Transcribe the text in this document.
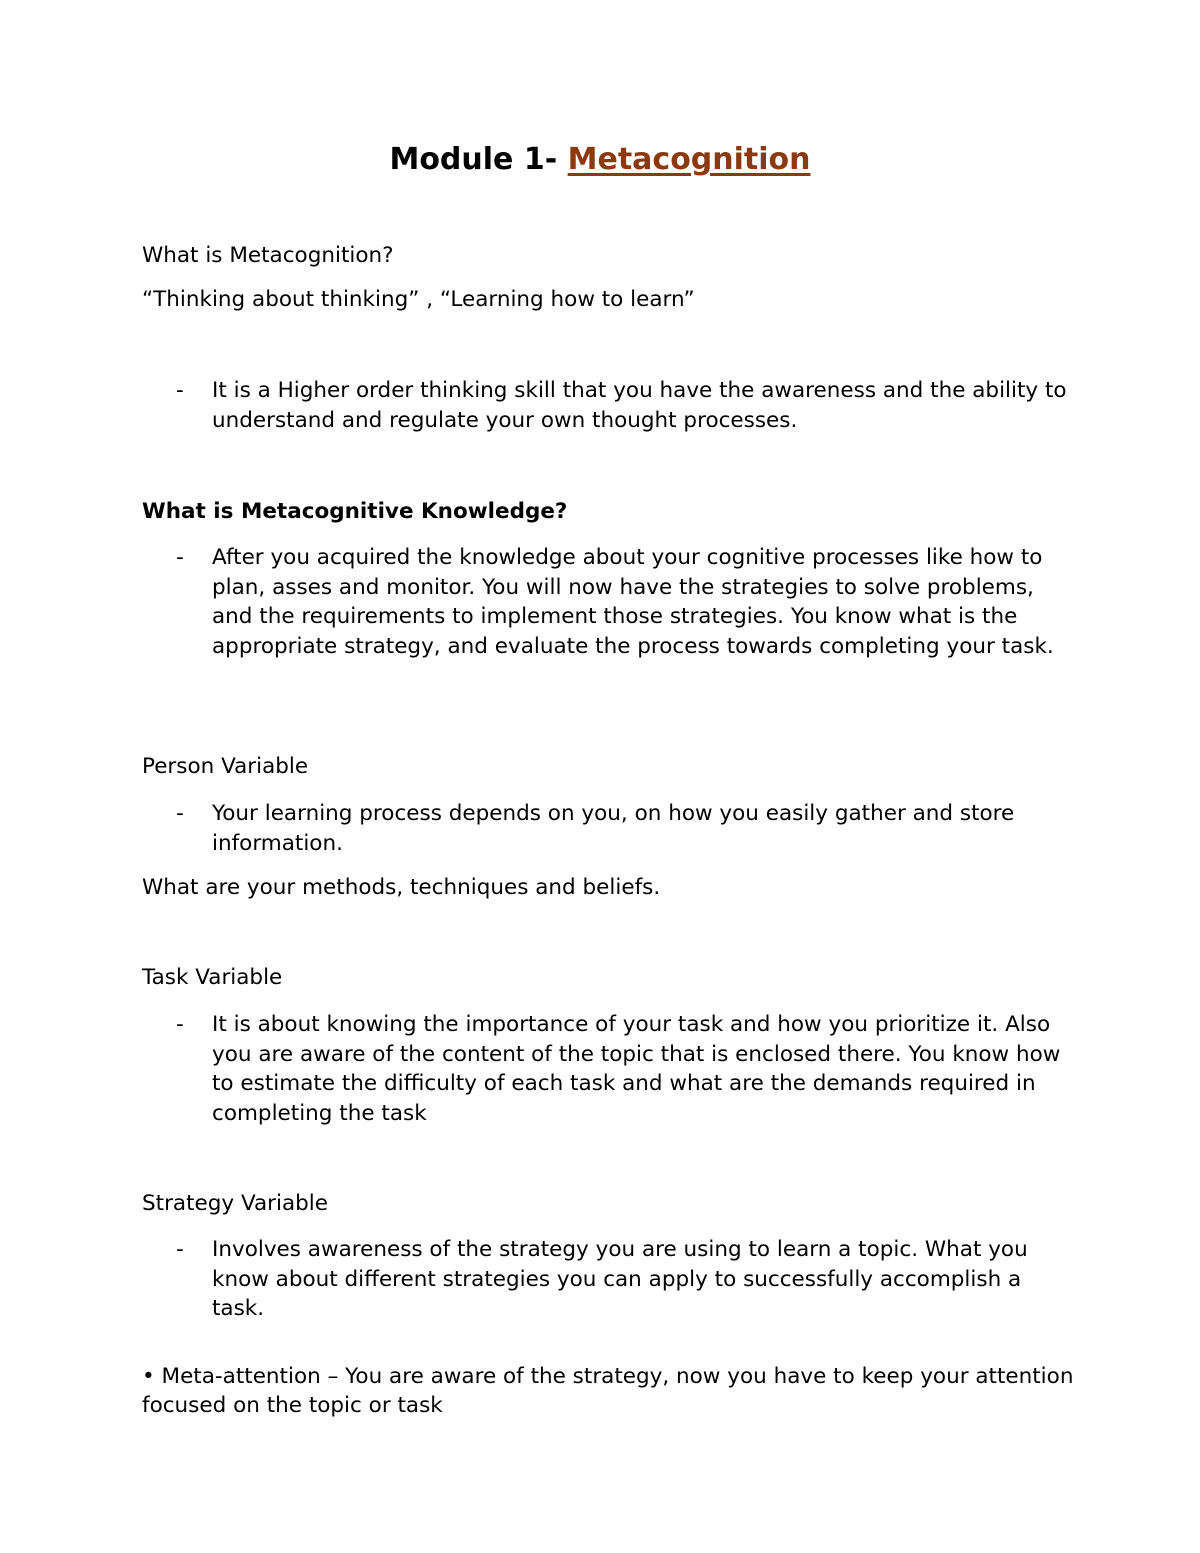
Module 1- Metacognition

What is Metacognition?

“Thinking about thinking” , “Learning how to learn”

- It is a Higher order thinking skill that you have the awareness and the ability to understand and regulate your own thought processes.

What is Metacognitive Knowledge?

- After you acquired the knowledge about your cognitive processes like how to plan, asses and monitor. You will now have the strategies to solve problems, and the requirements to implement those strategies. You know what is the appropriate strategy, and evaluate the process towards completing your task.

Person Variable

- Your learning process depends on you, on how you easily gather and store information.

What are your methods, techniques and beliefs.

Task Variable

- It is about knowing the importance of your task and how you prioritize it. Also you are aware of the content of the topic that is enclosed there. You know how to estimate the difficulty of each task and what are the demands required in completing the task

Strategy Variable

- Involves awareness of the strategy you are using to learn a topic. What you know about different strategies you can apply to successfully accomplish a task.

• Meta-attention – You are aware of the strategy, now you have to keep your attention focused on the topic or task
